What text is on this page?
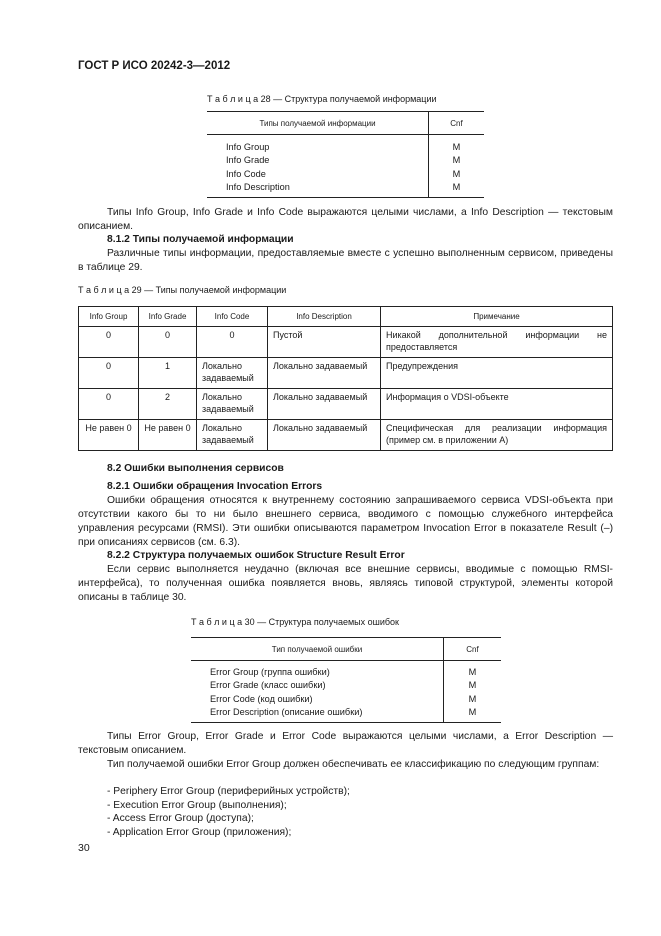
ГОСТ Р ИСО 20242-3—2012
Т а б л и ц а 28 — Структура получаемой информации
Типы получаемой информации	Cnf
Info Group	M
Info Grade	M
Info Code	M
Info Description	M
Типы Info Group, Info Grade и Info Code выражаются целыми числами, а Info Description — текстовым описанием.
8.1.2 Типы получаемой информации
Различные типы информации, предоставляемые вместе с успешно выполненным сервисом, приведены в таблице 29.
Т а б л и ц а 29 — Типы получаемой информации
Info Group	Info Grade	Info Code	Info Description	Примечание
0	0	0	Пустой	Никакой дополнительной информации не предоставляется
0	1	Локально задаваемый	Локально задаваемый	Предупреждения
0	2	Локально задаваемый	Локально задаваемый	Информация о VDSI-объекте
Не равен 0	Не равен 0	Локально задаваемый	Локально задаваемый	Специфическая для реализации информация (пример см. в приложении А)
8.2 Ошибки выполнения сервисов
8.2.1 Ошибки обращения Invocation Errors
Ошибки обращения относятся к внутреннему состоянию запрашиваемого сервиса VDSI-объекта при отсутствии какого бы то ни было внешнего сервиса, вводимого с помощью служебного интерфейса управления ресурсами (RMSI). Эти ошибки описываются параметром Invocation Error в показателе Result (–) при описаниях сервисов (см. 6.3).
8.2.2 Структура получаемых ошибок Structure Result Error
Если сервис выполняется неудачно (включая все внешние сервисы, вводимые с помощью RMSI-интерфейса), то полученная ошибка появляется вновь, являясь типовой структурой, элементы которой описаны в таблице 30.
Т а б л и ц а 30 — Структура получаемых ошибок
Тип получаемой ошибки	Cnf
Error Group (группа ошибки)	M
Error Grade (класс ошибки)	M
Error Code (код ошибки)	M
Error Description (описание ошибки)	M
Типы Error Group, Error Grade и Error Code выражаются целыми числами, а Error Description — текстовым описанием.
Тип получаемой ошибки Error Group должен обеспечивать ее классификацию по следующим группам:
- Periphery Error Group (периферийных устройств);
- Execution Error Group (выполнения);
- Access Error Group (доступа);
- Application Error Group (приложения);
30
